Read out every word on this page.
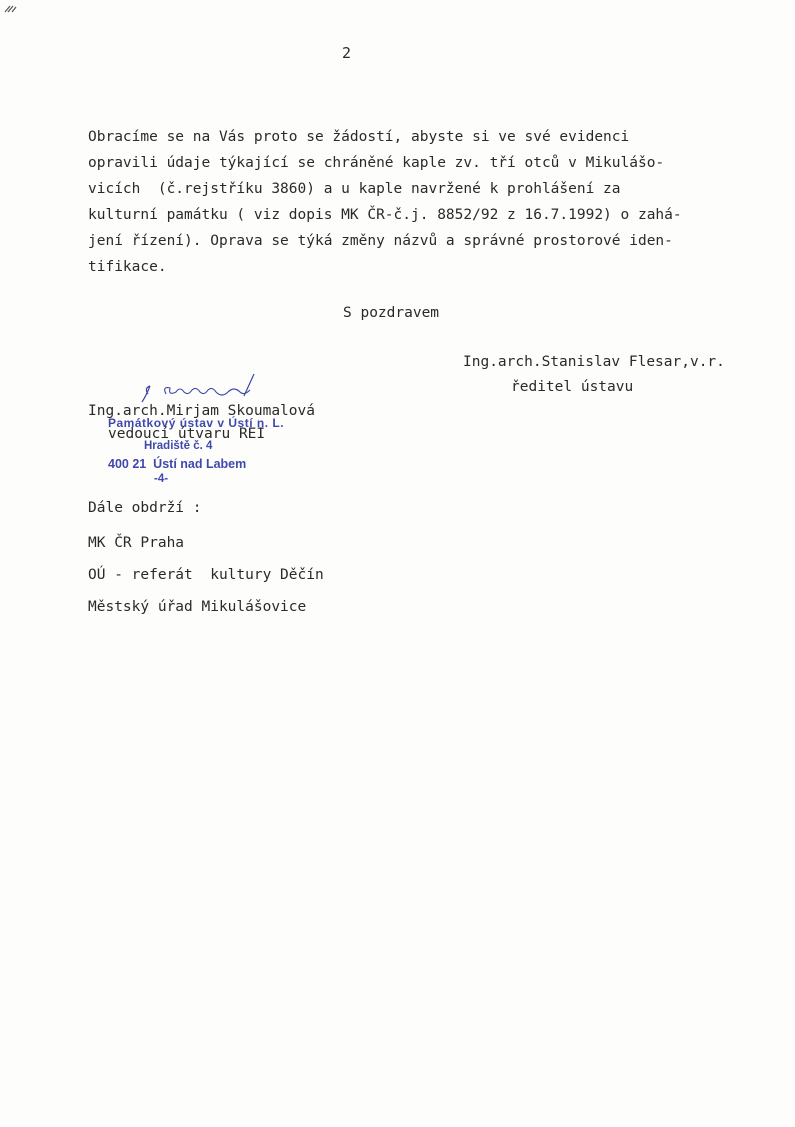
2
Obracíme se na Vás proto se žádostí, abyste si ve své evidenci
opravili údaje týkající se chráněné kaple zv. tří otců v Mikulášo-
vicích  (č.rejstříku 3860) a u kaple navržené k prohlášení za
kulturní památku ( viz dopis MK ČR-č.j. 8852/92 z 16.7.1992) o zahá-
jení řízení). Oprava se týká změny názvů a správné prostorové iden-
tifikace.
S pozdravem
Ing.arch.Stanislav Flesar,v.r.
ředitel ústavu
Památkový ústav v Ústí n. L.
Hradiště č. 4
400 21  Ústí nad Labem
-4-
Ing.arch.Mirjam Skoumalová
vedoucí útvaru REI
Dále obdrží :
MK ČR Praha
OÚ - referát  kultury Děčín
Městský úřad Mikulášovice
